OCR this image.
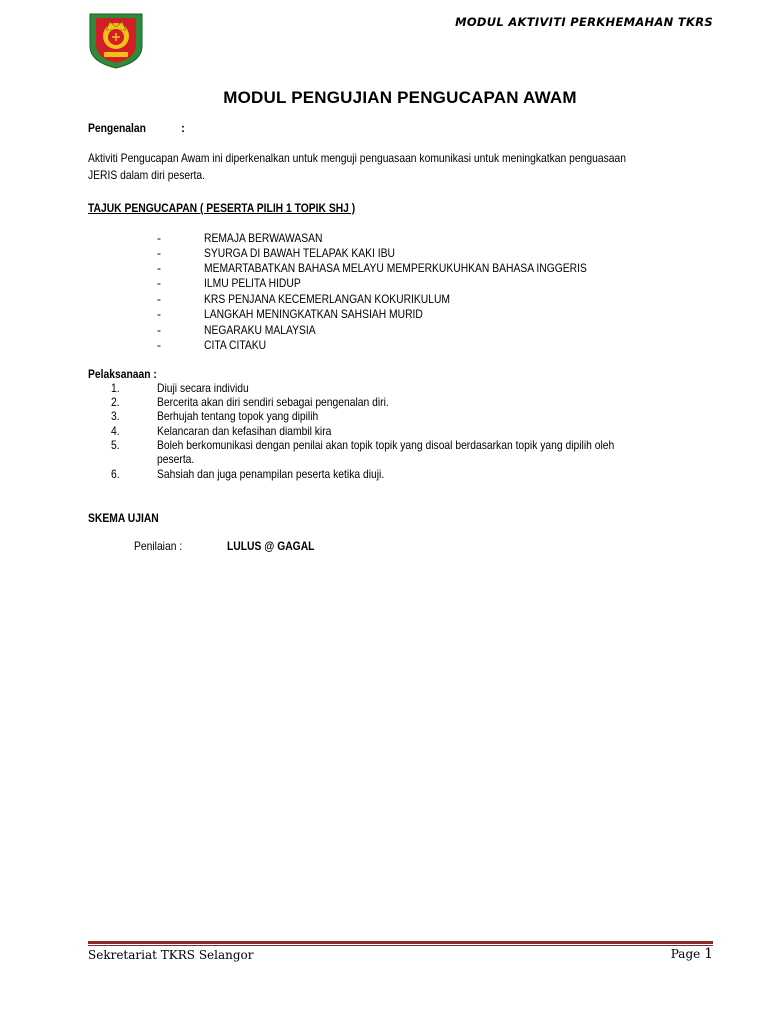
MODUL AKTIVITI PERKHEMAHAN TKRS
MODUL PENGUJIAN PENGUCAPAN AWAM
Pengenalan	:
Aktiviti Pengucapan Awam ini diperkenalkan untuk menguji penguasaan komunikasi untuk meningkatkan penguasaan
JERIS dalam diri peserta.
TAJUK PENGUCAPAN ( PESERTA PILIH 1 TOPIK SHJ )
-	REMAJA BERWAWASAN
-	SYURGA DI BAWAH TELAPAK KAKI IBU
-	MEMARTABATKAN BAHASA MELAYU MEMPERKUKUHKAN BAHASA INGGERIS
-	ILMU PELITA HIDUP
-	KRS PENJANA KECEMERLANGAN KOKURIKULUM
-	LANGKAH MENINGKATKAN SAHSIAH MURID
-	NEGARAKU MALAYSIA
-	CITA CITAKU
Pelaksanaan :
1.	Diuji secara individu
2.	Bercerita akan diri sendiri sebagai pengenalan diri.
3.	Berhujah tentang topok yang dipilih
4.	Kelancaran dan kefasihan diambil kira
5.	Boleh berkomunikasi dengan penilai akan topik topik yang disoal berdasarkan topik yang dipilih oleh
peserta.
6.	Sahsiah dan juga penampilan peserta ketika diuji.
SKEMA UJIAN
Penilaian :	LULUS @ GAGAL
Sekretariat TKRS Selangor	Page 1
